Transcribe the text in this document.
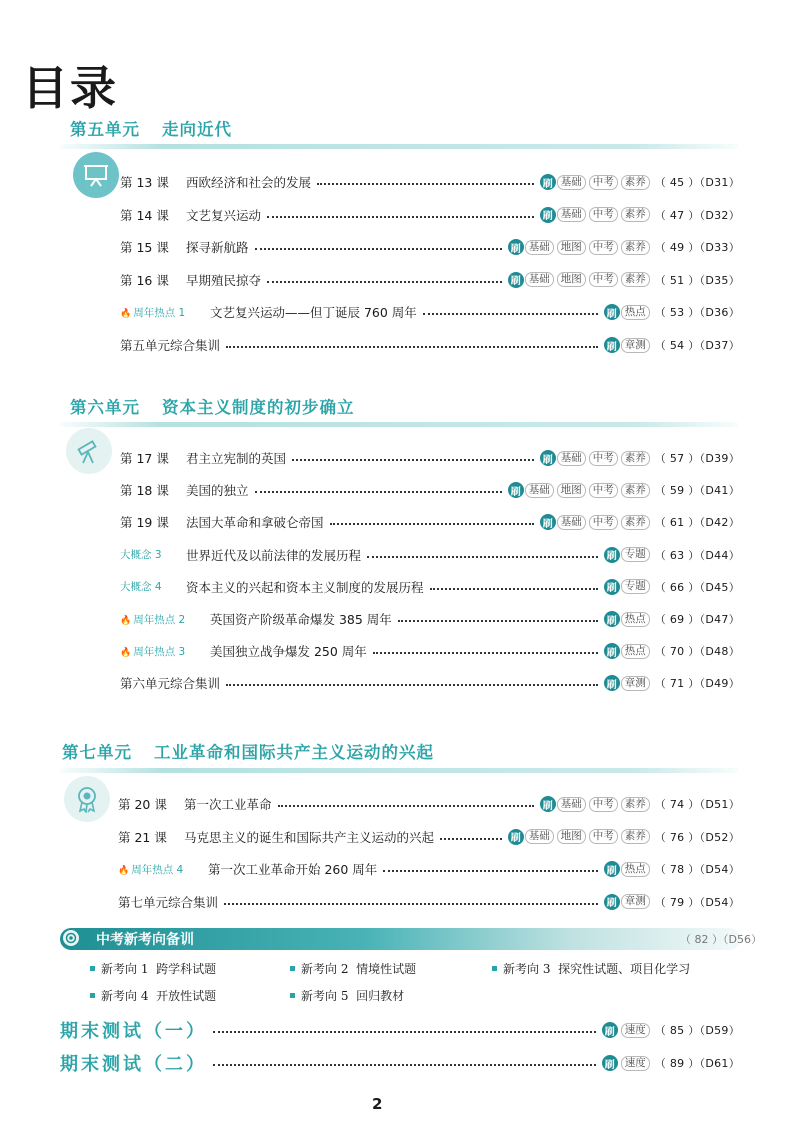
目录
第五单元 走向近代
第 13 课	西欧经济和社会的发展	刷 基础	中考	素养 （ 45 ）（D31）
第 14 课	文艺复兴运动	刷 基础	中考	素养 （ 47 ）（D32）
第 15 课	探寻新航路	刷 基础	地图	中考	素养 （ 49 ）（D33）
第 16 课	早期殖民掠夺	刷 基础	地图	中考	素养 （ 51 ）（D35）
🔥 周年热点 1	文艺复兴运动——但丁诞辰 760 周年	刷 热点 （ 53 ）（D36）
第五单元综合集训	刷 章测 （ 54 ）（D37）
第六单元 资本主义制度的初步确立
第 17 课	君主立宪制的英国	刷 基础	中考	素养 （ 57 ）（D39）
第 18 课	美国的独立	刷 基础	地图	中考	素养 （ 59 ）（D41）
第 19 课	法国大革命和拿破仑帝国	刷 基础	中考	素养 （ 61 ）（D42）
大概念 3	世界近代及以前法律的发展历程	刷 专题 （ 63 ）（D44）
大概念 4	资本主义的兴起和资本主义制度的发展历程	刷 专题 （ 66 ）（D45）
🔥 周年热点 2	英国资产阶级革命爆发 385 周年	刷 热点 （ 69 ）（D47）
🔥 周年热点 3	美国独立战争爆发 250 周年	刷 热点 （ 70 ）（D48）
第六单元综合集训	刷 章测 （ 71 ）（D49）
第七单元 工业革命和国际共产主义运动的兴起
第 20 课	第一次工业革命	刷 基础	中考	素养 （ 74 ）（D51）
第 21 课	马克思主义的诞生和国际共产主义运动的兴起	刷 基础	地图	中考	素养 （ 76 ）（D52）
🔥 周年热点 4	第一次工业革命开始 260 周年	刷 热点 （ 78 ）（D54）
第七单元综合集训	刷 章测 （ 79 ）（D54）
中考新考向备训	（ 82 ）（D56）
新考向 1 跨学科试题	新考向 2 情境性试题	新考向 3 探究性试题、项目化学习
新考向 4 开放性试题	新考向 5 回归教材
期末测试（一）	刷 速度 （ 85 ）（D59）
期末测试（二）	刷 速度 （ 89 ）（D61）
2
